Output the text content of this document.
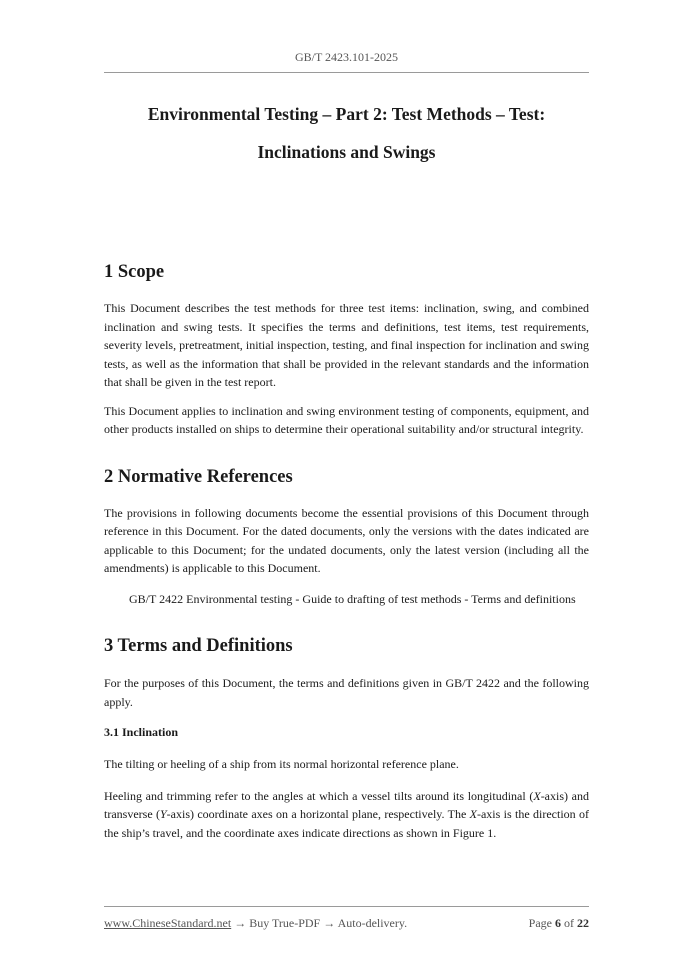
GB/T 2423.101-2025
Environmental Testing – Part 2: Test Methods – Test:
Inclinations and Swings
1 Scope

This Document describes the test methods for three test items: inclination, swing, and combined inclination and swing tests. It specifies the terms and definitions, test items, test requirements, severity levels, pretreatment, initial inspection, testing, and final inspection for inclination and swing tests, as well as the information that shall be provided in the relevant standards and the information that shall be given in the test report.

This Document applies to inclination and swing environment testing of components, equipment, and other products installed on ships to determine their operational suitability and/or structural integrity.

2 Normative References

The provisions in following documents become the essential provisions of this Document through reference in this Document. For the dated documents, only the versions with the dates indicated are applicable to this Document; for the undated documents, only the latest version (including all the amendments) is applicable to this Document.

GB/T 2422 Environmental testing - Guide to drafting of test methods - Terms and definitions

3 Terms and Definitions

For the purposes of this Document, the terms and definitions given in GB/T 2422 and the following apply.

3.1 Inclination

The tilting or heeling of a ship from its normal horizontal reference plane.

Heeling and trimming refer to the angles at which a vessel tilts around its longitudinal (X-axis) and transverse (Y-axis) coordinate axes on a horizontal plane, respectively. The X-axis is the direction of the ship’s travel, and the coordinate axes indicate directions as shown in Figure 1.

www.ChineseStandard.net → Buy True-PDF → Auto-delivery.	Page 6 of 22
